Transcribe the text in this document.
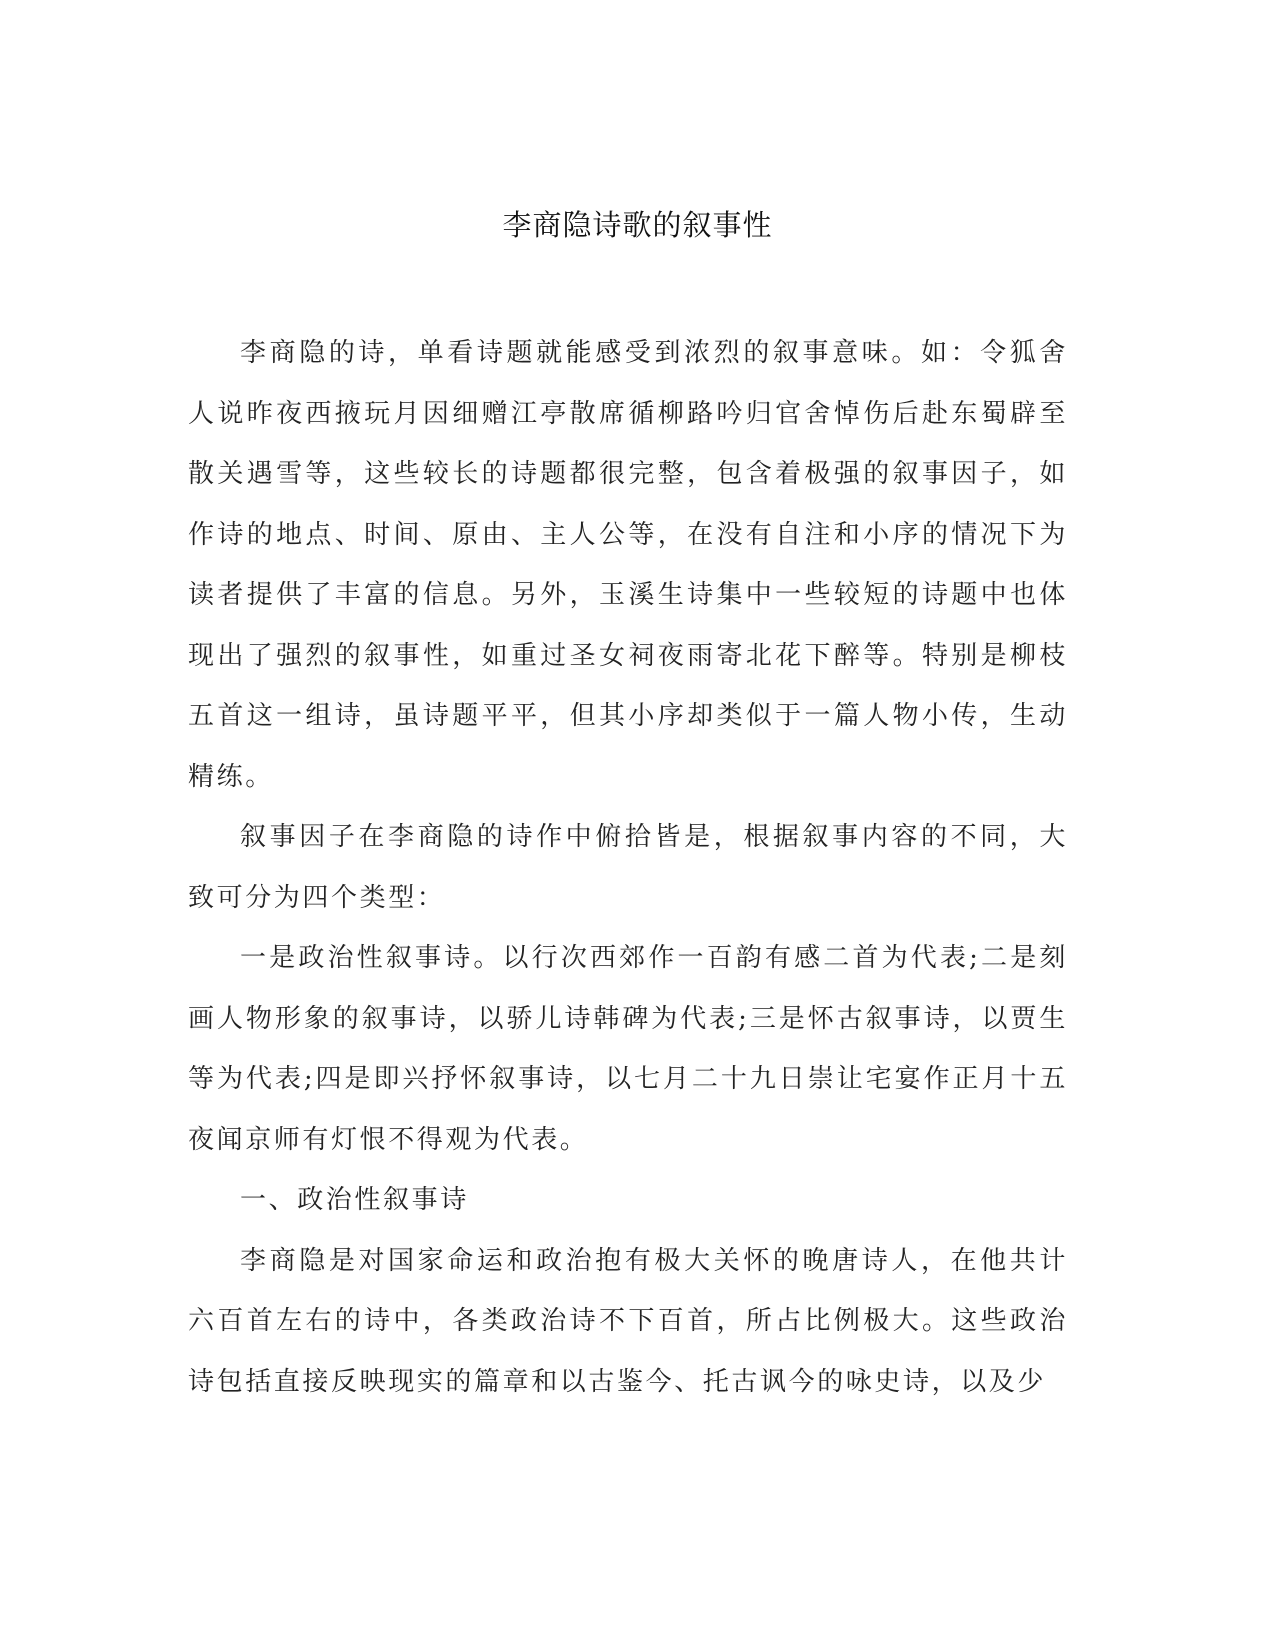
李商隐诗歌的叙事性

李商隐的诗，单看诗题就能感受到浓烈的叙事意味。如：令狐舍人说昨夜西掖玩月因细赠江亭散席循柳路吟归官舍悼伤后赴东蜀辟至散关遇雪等，这些较长的诗题都很完整，包含着极强的叙事因子，如作诗的地点、时间、原由、主人公等，在没有自注和小序的情况下为读者提供了丰富的信息。另外，玉溪生诗集中一些较短的诗题中也体现出了强烈的叙事性，如重过圣女祠夜雨寄北花下醉等。特别是柳枝五首这一组诗，虽诗题平平，但其小序却类似于一篇人物小传，生动精练。

叙事因子在李商隐的诗作中俯拾皆是，根据叙事内容的不同，大致可分为四个类型：

一是政治性叙事诗。以行次西郊作一百韵有感二首为代表;二是刻画人物形象的叙事诗，以骄儿诗韩碑为代表;三是怀古叙事诗，以贾生等为代表;四是即兴抒怀叙事诗，以七月二十九日崇让宅宴作正月十五夜闻京师有灯恨不得观为代表。

一、政治性叙事诗

李商隐是对国家命运和政治抱有极大关怀的晚唐诗人，在他共计六百首左右的诗中，各类政治诗不下百首，所占比例极大。这些政治诗包括直接反映现实的篇章和以古鉴今、托古讽今的咏史诗，以及少
